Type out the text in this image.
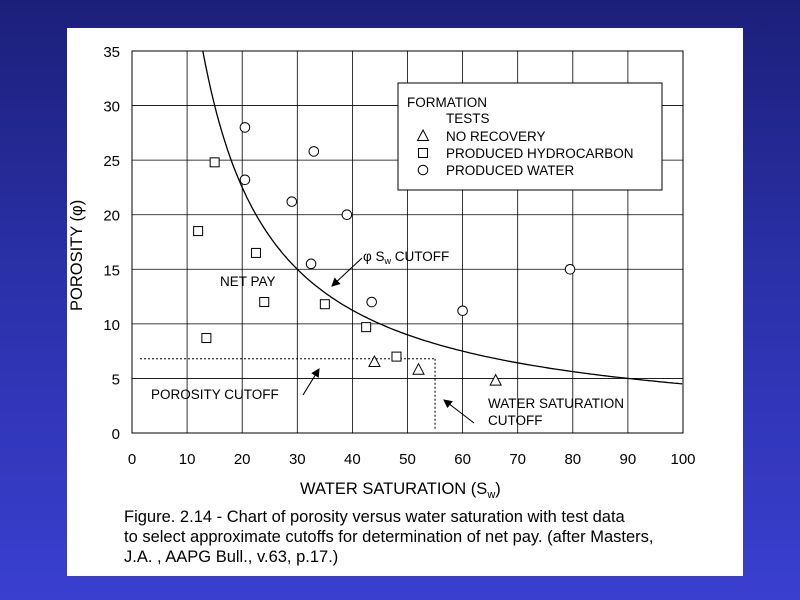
0	10	20	30	40	50	60	70	80	90 100
0
5
10
15
20
25
30
35
FORMATION
TESTS
NO RECOVERY
PRODUCED HYDROCARBON
PRODUCED WATER
NET PAY
φ $S_w$ CUTOFF
POROSITY CUTOFF
WATER SATURATION
CUTOFF
WATER SATURATION $(S_w)$
POROSITY (φ)
Figure. 2.14 - Chart of porosity versus water saturation with test data
to select approximate cutoffs for determination of net pay. (after Masters,
J.A. , AAPG Bull., v.63, p.17.)
